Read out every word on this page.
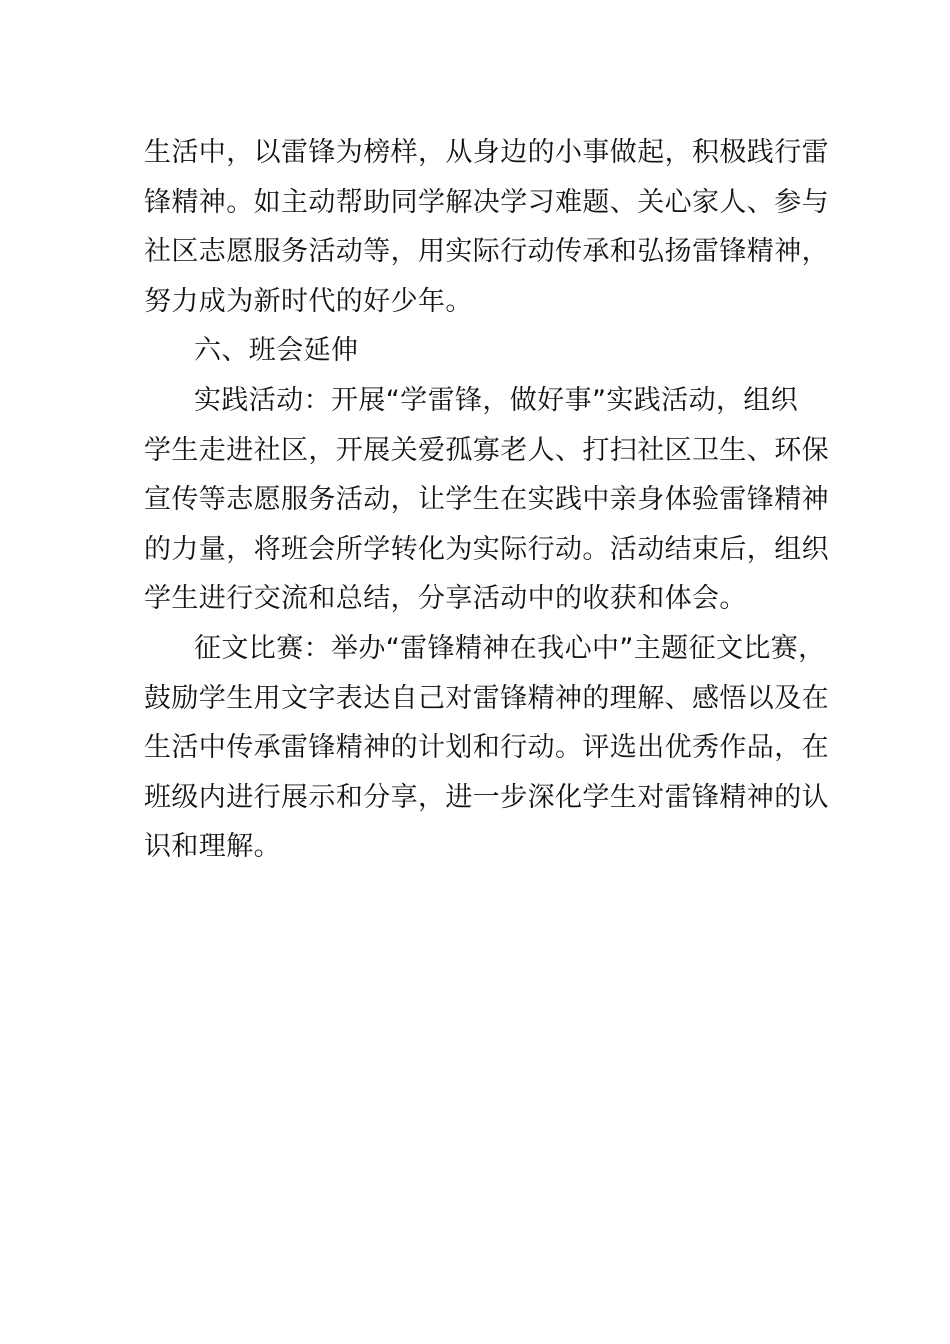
生活中，以雷锋为榜样，从身边的小事做起，积极践行雷
锋精神。如主动帮助同学解决学习难题、关心家人、参与
社区志愿服务活动等，用实际行动传承和弘扬雷锋精神，
努力成为新时代的好少年。
六、班会延伸
实践活动：开展“学雷锋，做好事”实践活动，组织
学生走进社区，开展关爱孤寡老人、打扫社区卫生、环保
宣传等志愿服务活动，让学生在实践中亲身体验雷锋精神
的力量，将班会所学转化为实际行动。活动结束后，组织
学生进行交流和总结，分享活动中的收获和体会。
征文比赛：举办“雷锋精神在我心中”主题征文比赛，
鼓励学生用文字表达自己对雷锋精神的理解、感悟以及在
生活中传承雷锋精神的计划和行动。评选出优秀作品，在
班级内进行展示和分享，进一步深化学生对雷锋精神的认
识和理解。
